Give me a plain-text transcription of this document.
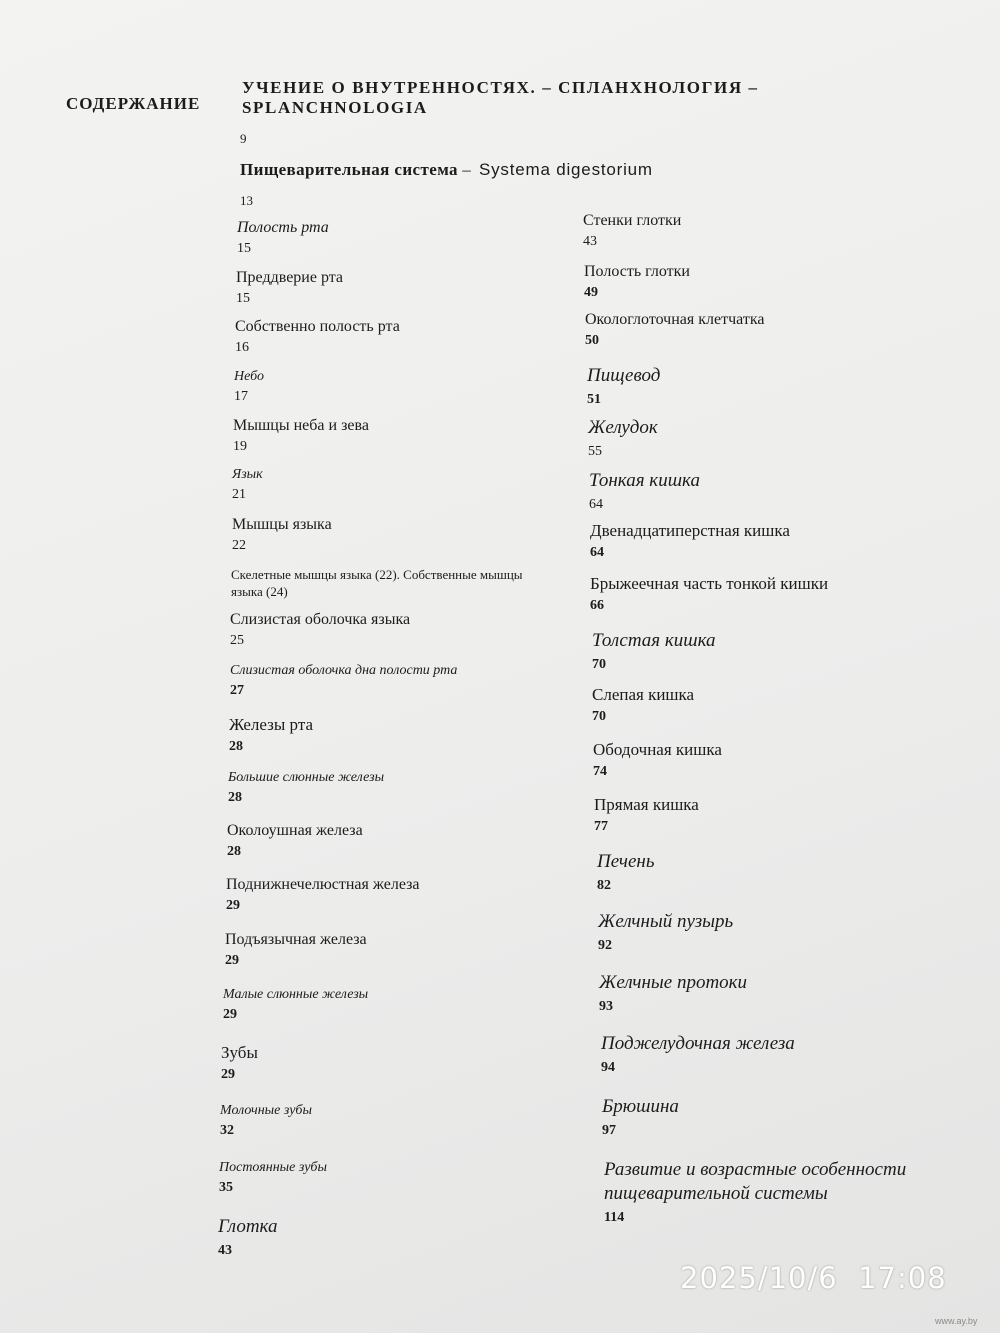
СОДЕРЖАНИЕ
УЧЕНИЕ О ВНУТРЕННОСТЯХ. – СПЛАНХНОЛОГИЯ –
SPLANCHNOLOGIA
9
Пищеварительная система – Systema digestorium
13
Полость рта
15
Преддверие рта
15
Собственно полость рта
16
Небо
17
Мышцы неба и зева
19
Язык
21
Мышцы языка
22
Скелетные мышцы языка (22). Собственные мышцы языка (24)
Слизистая оболочка языка
25
Слизистая оболочка дна полости рта
27
Железы рта
28
Большие слюнные железы
28
Околоушная железа
28
Поднижнечелюстная железа
29
Подъязычная железа
29
Малые слюнные железы
29
Зубы
29
Молочные зубы
32
Постоянные зубы
35
Глотка
43
Стенки глотки
43
Полость глотки
49
Окологлоточная клетчатка
50
Пищевод
51
Желудок
55
Тонкая кишка
64
Двенадцатиперстная кишка
64
Брыжеечная часть тонкой кишки
66
Толстая кишка
70
Слепая кишка
70
Ободочная кишка
74
Прямая кишка
77
Печень
82
Желчный пузырь
92
Желчные протоки
93
Поджелудочная железа
94
Брюшина
97
Развитие и возрастные особенности
пищеварительной системы
114
2025/10/6  17:08
www.ay.by
